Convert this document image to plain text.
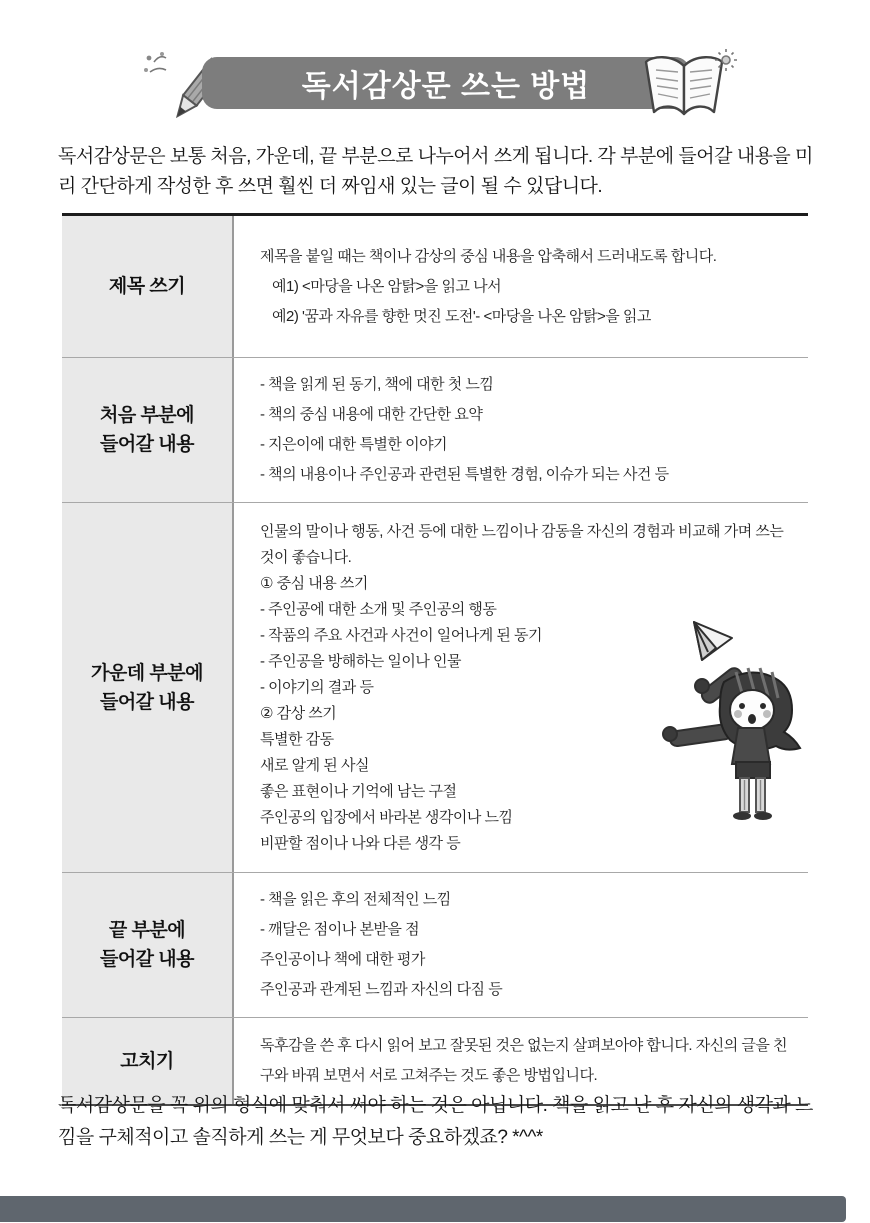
독서감상문 쓰는 방법

독서감상문은 보통 처음, 가운데, 끝 부분으로 나누어서 쓰게 됩니다. 각 부분에 들어갈 내용을 미리 간단하게 작성한 후 쓰면 훨씬 더 짜임새 있는 글이 될 수 있답니다.

제목 쓰기
제목을 붙일 때는 책이나 감상의 중심 내용을 압축해서 드러내도록 합니다.
예1) <마당을 나온 암탉>을 읽고 나서
예2) '꿈과 자유를 향한 멋진 도전'- <마당을 나온 암탉>을 읽고
처음 부분에
들어갈 내용
- 책을 읽게 된 동기, 책에 대한 첫 느낌
- 책의 중심 내용에 대한 간단한 요약
- 지은이에 대한 특별한 이야기
- 책의 내용이나 주인공과 관련된 특별한 경험, 이슈가 되는 사건 등
가운데 부분에
들어갈 내용
인물의 말이나 행동, 사건 등에 대한 느낌이나 감동을 자신의 경험과 비교해 가며 쓰는 것이 좋습니다.
① 중심 내용 쓰기
- 주인공에 대한 소개 및 주인공의 행동
- 작품의 주요 사건과 사건이 일어나게 된 동기
- 주인공을 방해하는 일이나 인물
- 이야기의 결과 등
② 감상 쓰기
특별한 감동
새로 알게 된 사실
좋은 표현이나 기억에 남는 구절
주인공의 입장에서 바라본 생각이나 느낌
비판할 점이나 나와 다른 생각 등
끝 부분에
들어갈 내용
- 책을 읽은 후의 전체적인 느낌
- 깨달은 점이나 본받을 점
주인공이나 책에 대한 평가
주인공과 관계된 느낌과 자신의 다짐 등
고치기
독후감을 쓴 후 다시 읽어 보고 잘못된 것은 없는지 살펴보아야 합니다. 자신의 글을 친구와 바꿔 보면서 서로 고쳐주는 것도 좋은 방법입니다.

독서감상문을 꼭 위의 형식에 맞춰서 써야 하는 것은 아닙니다. 책을 읽고 난 후 자신의 생각과 느낌을 구체적이고 솔직하게 쓰는 게 무엇보다 중요하겠죠? *^^*
